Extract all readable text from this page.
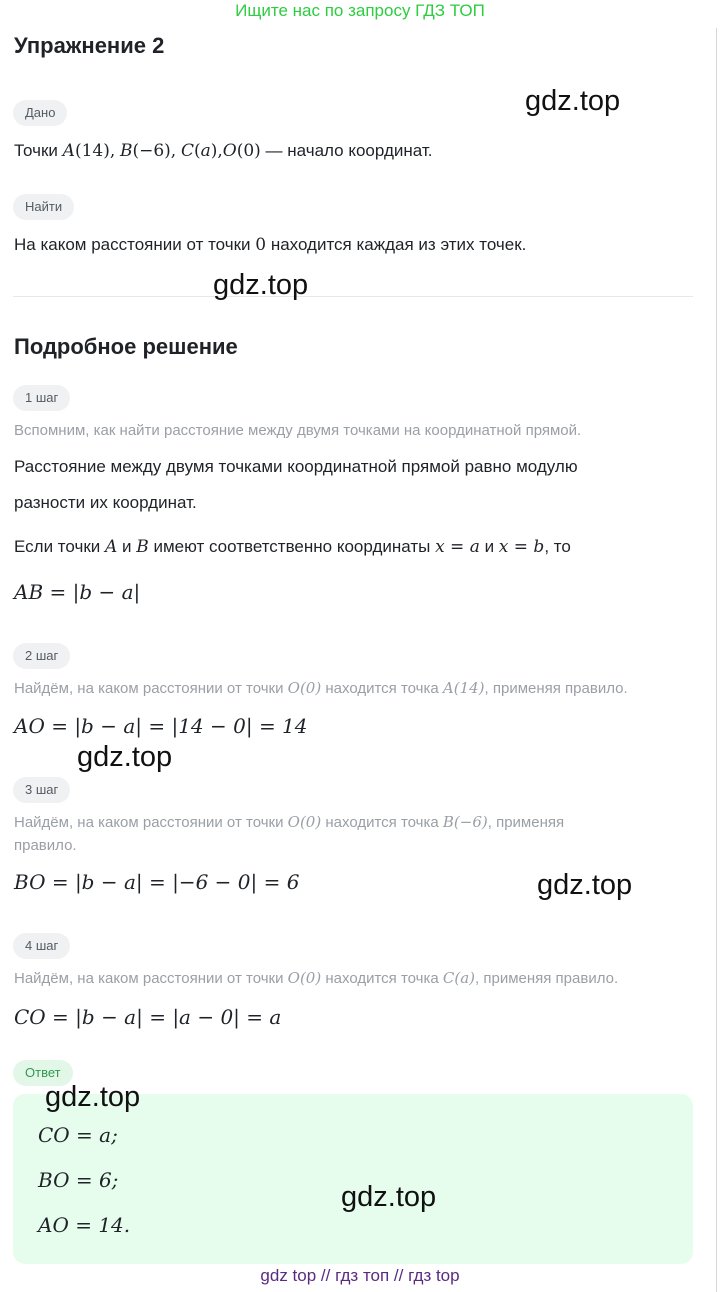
Ищите нас по запросу ГДЗ ТОП
Упражнение 2
Дано
Точки A(14), B(−6), C(a),O(0) — начало координат.
Найти
На каком расстоянии от точки 0 находится каждая из этих точек.
Подробное решение
1 шаг
Вспомним, как найти расстояние между двумя точками на координатной прямой.
Расстояние между двумя точками координатной прямой равно модулю
разности их координат.
Если точки A и B имеют соответственно координаты x = a и x = b, то
AB = |b − a|
2 шаг
Найдём, на каком расстоянии от точки O(0) находится точка A(14), применяя правило.
AO = |b − a| = |14 − 0| = 14
3 шаг
Найдём, на каком расстоянии от точки O(0) находится точка B(−6), применяя
правило.
BO = |b − a| = |−6 − 0| = 6
4 шаг
Найдём, на каком расстоянии от точки O(0) находится точка C(a), применяя правило.
CO = |b − a| = |a − 0| = a
Ответ
CO = a;
BO = 6;
AO = 14.
gdz.top
gdz.top
gdz.top
gdz.top
gdz.top
gdz.top
gdz top // гдз топ // гдз top
